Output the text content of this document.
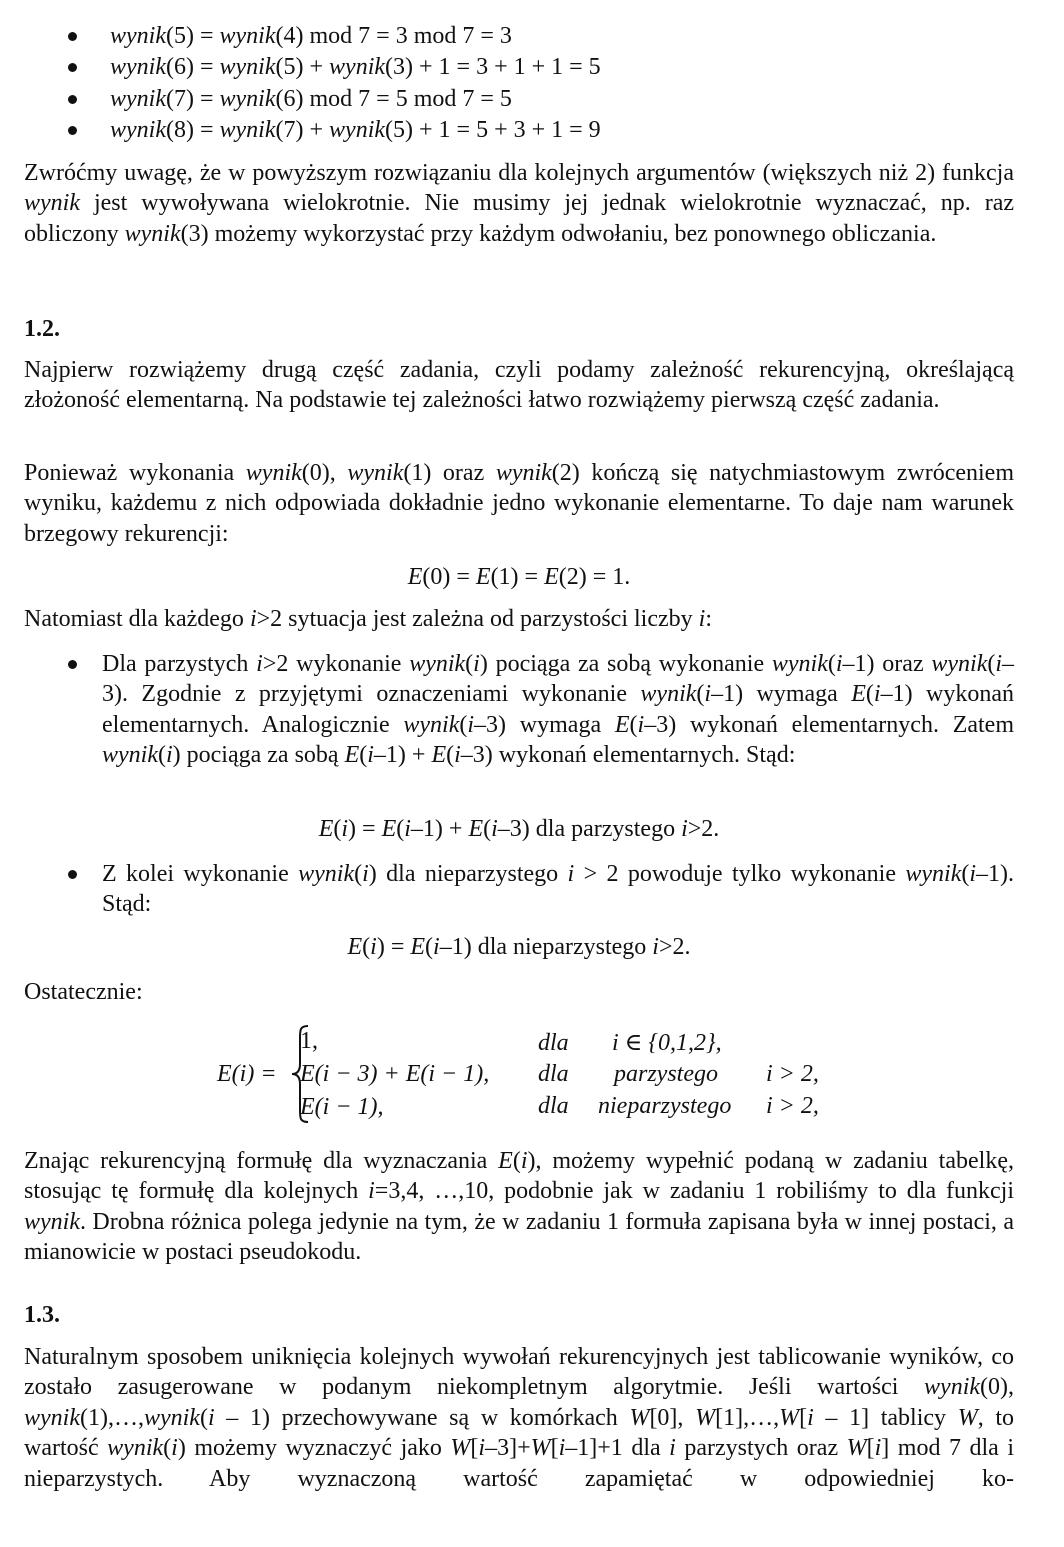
wynik(5) = wynik(4) mod 7 = 3 mod 7 = 3
wynik(6) = wynik(5) + wynik(3) + 1 = 3 + 1 + 1 = 5
wynik(7) = wynik(6) mod 7 = 5 mod 7 = 5
wynik(8) = wynik(7) + wynik(5) + 1 = 5 + 3 + 1 = 9

Zwróćmy uwagę, że w powyższym rozwiązaniu dla kolejnych argumentów (większych niż 2) funkcja wynik jest wywoływana wielokrotnie. Nie musimy jej jednak wielokrotnie wyznaczać, np. raz obliczony wynik(3) możemy wykorzystać przy każdym odwołaniu, bez ponownego obliczania.

1.2.

Najpierw rozwiążemy drugą część zadania, czyli podamy zależność rekurencyjną, określającą złożoność elementarną. Na podstawie tej zależności łatwo rozwiążemy pierwszą część zadania.

Ponieważ wykonania wynik(0), wynik(1) oraz wynik(2) kończą się natychmiastowym zwróceniem wyniku, każdemu z nich odpowiada dokładnie jedno wykonanie elementarne. To daje nam warunek brzegowy rekurencji:

E(0) = E(1) = E(2) = 1.

Natomiast dla każdego i>2 sytuacja jest zależna od parzystości liczby i:

Dla parzystych i>2 wykonanie wynik(i) pociąga za sobą wykonanie wynik(i–1) oraz wynik(i–3). Zgodnie z przyjętymi oznaczeniami wykonanie wynik(i–1) wymaga E(i–1) wykonań elementarnych. Analogicznie wynik(i–3) wymaga E(i–3) wykonań elementarnych. Zatem wynik(i) pociąga za sobą E(i–1) + E(i–3) wykonań elementarnych. Stąd:

E(i) = E(i–1) + E(i–3) dla parzystego i>2.

Z kolei wykonanie wynik(i) dla nieparzystego i > 2 powoduje tylko wykonanie wynik(i–1). Stąd:

E(i) = E(i–1) dla nieparzystego i>2.

Ostatecznie:

E(i) =
1,	dla i ∈ {0,1,2},
E(i − 3) + E(i − 1), dla parzystego i > 2,
E(i − 1),	dla nieparzystego i > 2,

Znając rekurencyjną formułę dla wyznaczania E(i), możemy wypełnić podaną w zadaniu tabelkę, stosując tę formułę dla kolejnych i=3,4, …,10, podobnie jak w zadaniu 1 robiliśmy to dla funkcji wynik. Drobna różnica polega jedynie na tym, że w zadaniu 1 formuła zapisana była w innej postaci, a mianowicie w postaci pseudokodu.

1.3.

Naturalnym sposobem uniknięcia kolejnych wywołań rekurencyjnych jest tablicowanie wyników, co zostało zasugerowane w podanym niekompletnym algorytmie. Jeśli wartości wynik(0), wynik(1),…,wynik(i – 1) przechowywane są w komórkach W[0], W[1],…,W[i – 1] tablicy W, to wartość wynik(i) możemy wyznaczyć jako W[i–3]+W[i–1]+1 dla i parzystych oraz W[i] mod 7 dla i nieparzystych. Aby wyznaczoną wartość zapamiętać w odpowiedniej ko-
